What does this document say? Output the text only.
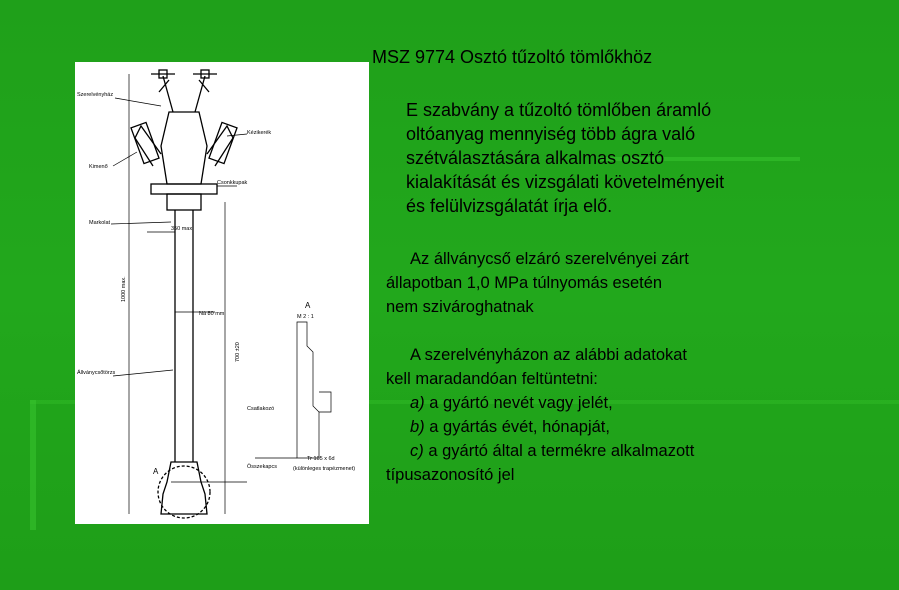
Szerelvényház
Kézikerék
Kimenő
Csonkkupak
Markolat
Állványcsőtörzs
Ná 80 mm
350 max
1000 max.
700 ±20
A
M 2 : 1
Csatlakozó
Összekapcs
Tr 105 x 6d
(különleges trapézmenet)
A
MSZ 9774 Osztó tűzoltó tömlőkhöz
E szabvány a tűzoltó tömlőben áramló
oltóanyag mennyiség több ágra való
szétválasztására alkalmas osztó
kialakítását és vizsgálati követelményeit
és felülvizsgálatát írja elő.
Az állványcső elzáró szerelvényei zárt
állapotban 1,0 MPa túlnyomás esetén
nem szivároghatnak
A szerelvényházon az alábbi adatokat
kell maradandóan feltüntetni:
a) a gyártó nevét vagy jelét,
b) a gyártás évét, hónapját,
c) a gyártó által a termékre alkalmazott
típusazonosító jel
